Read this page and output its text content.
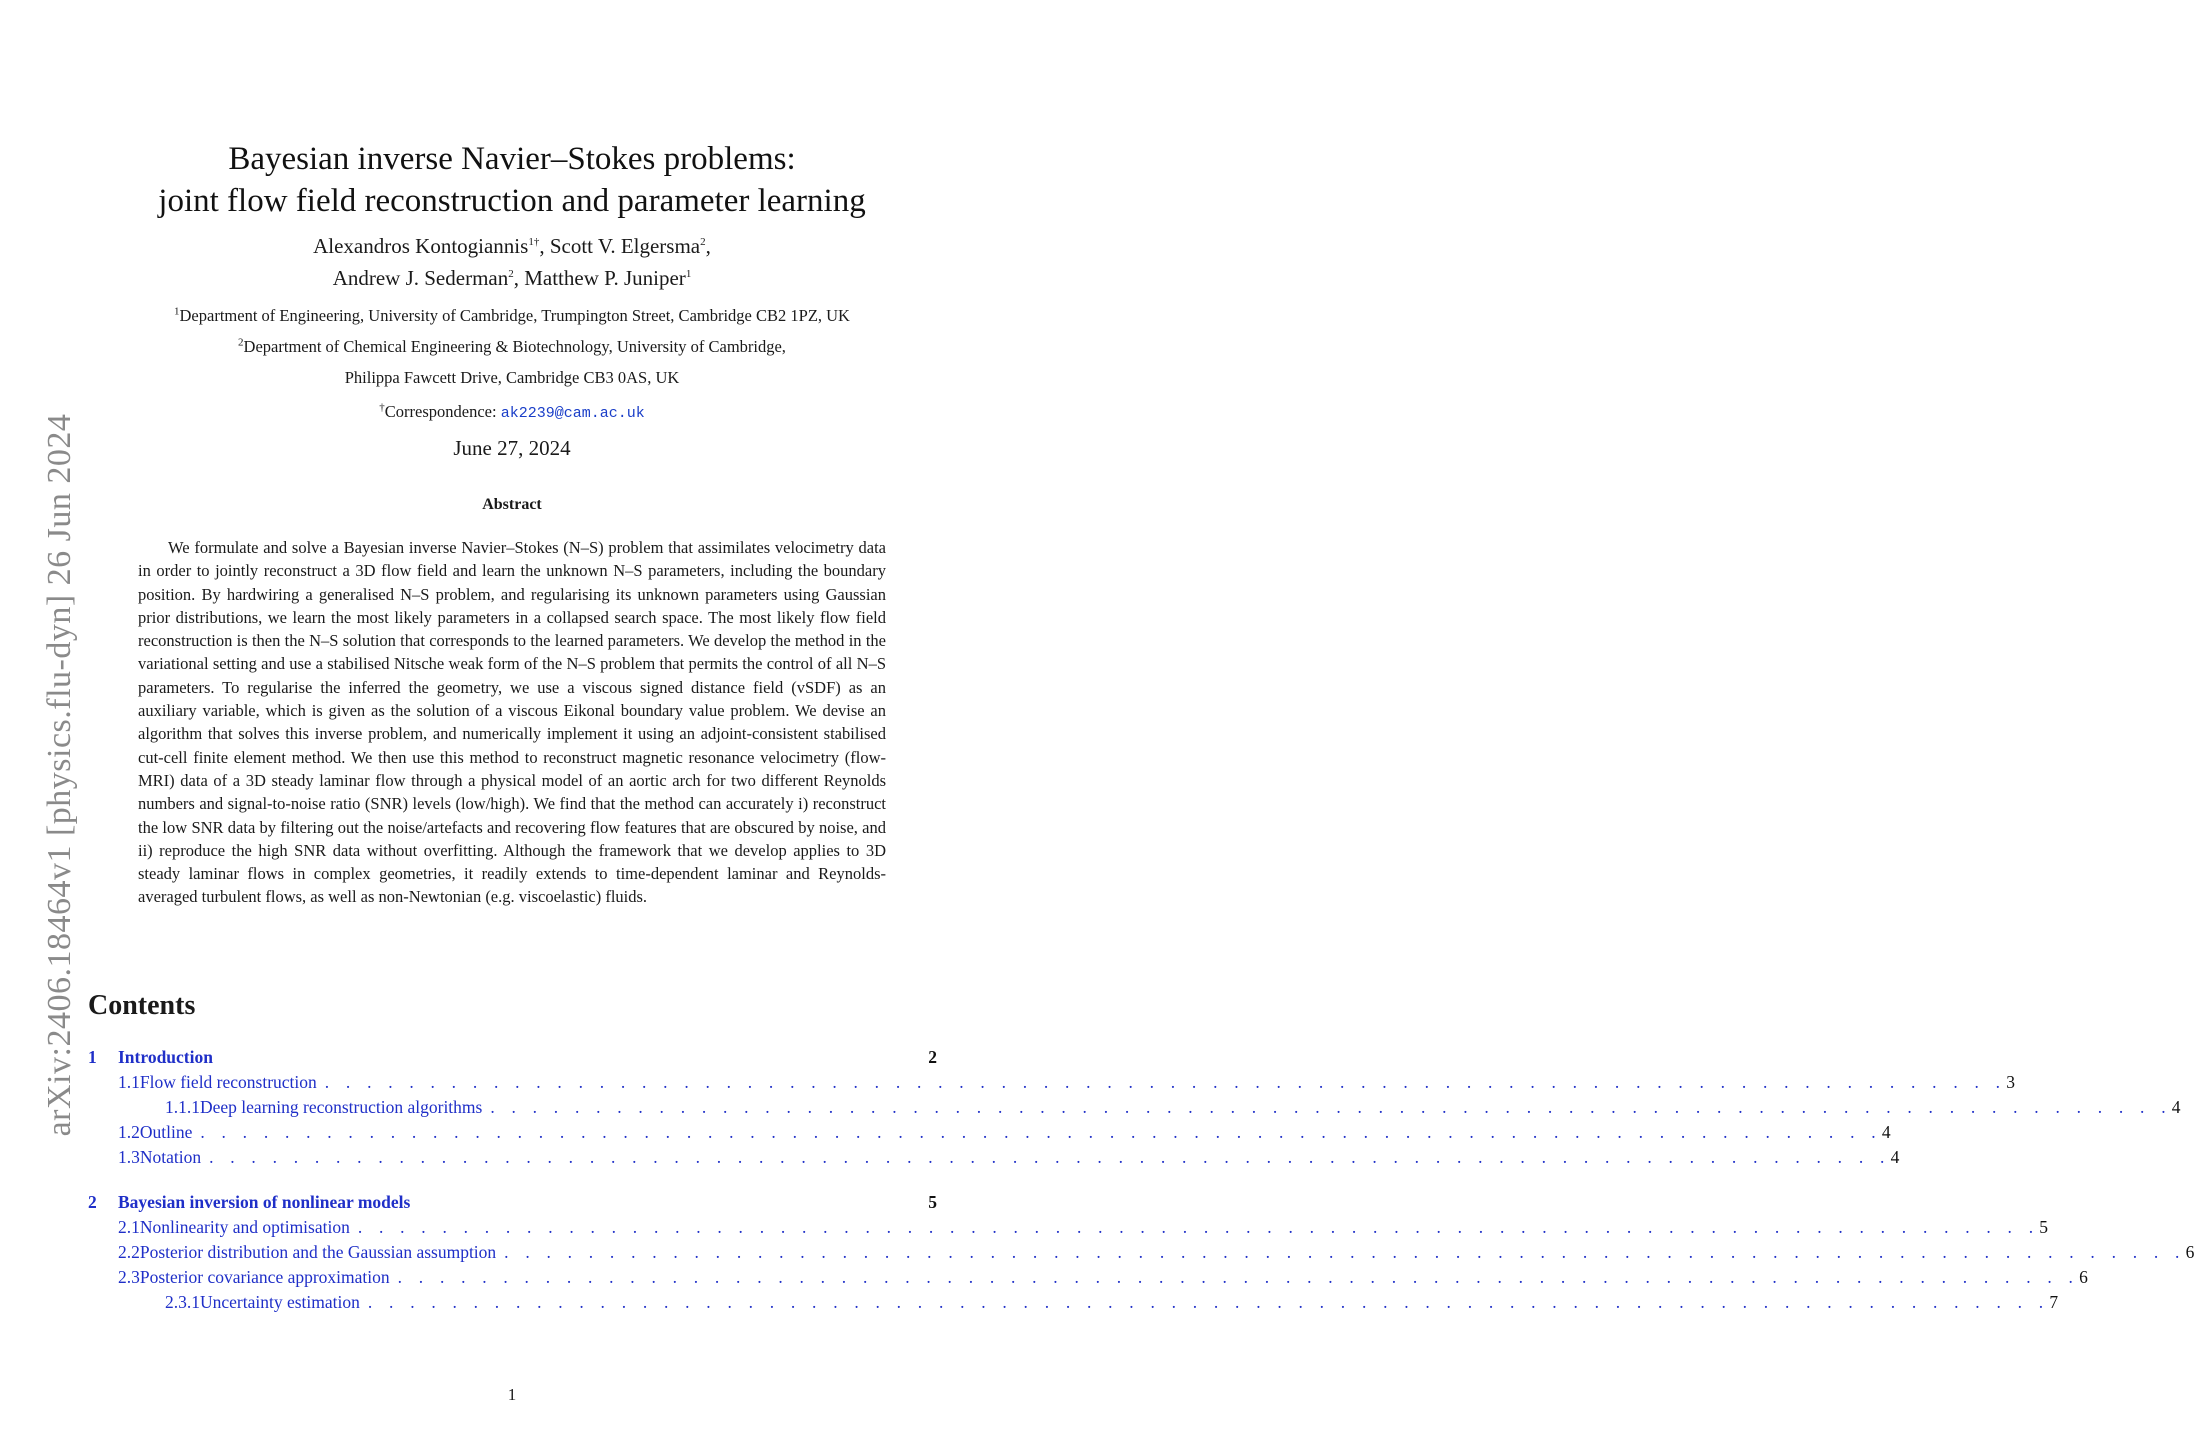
arXiv:2406.18464v1 [physics.flu-dyn] 26 Jun 2024
Bayesian inverse Navier–Stokes problems:
joint flow field reconstruction and parameter learning
Alexandros Kontogiannis$^{1\dagger}$, Scott V. Elgersma$^2$,
Andrew J. Sederman$^2$, Matthew P. Juniper$^1$
$^1$Department of Engineering, University of Cambridge, Trumpington Street, Cambridge CB2 1PZ, UK
$^2$Department of Chemical Engineering & Biotechnology, University of Cambridge,
Philippa Fawcett Drive, Cambridge CB3 0AS, UK
†Correspondence: ak2239@cam.ac.uk
June 27, 2024
Abstract
We formulate and solve a Bayesian inverse Navier–Stokes (N–S) problem that assimilates velocimetry data in order to jointly reconstruct a 3D flow field and learn the unknown N–S parameters, including the boundary position. By hardwiring a generalised N–S problem, and regularising its unknown parameters using Gaussian prior distributions, we learn the most likely parameters in a collapsed search space. The most likely flow field reconstruction is then the N–S solution that corresponds to the learned parameters. We develop the method in the variational setting and use a stabilised Nitsche weak form of the N–S problem that permits the control of all N–S parameters. To regularise the inferred the geometry, we use a viscous signed distance field (vSDF) as an auxiliary variable, which is given as the solution of a viscous Eikonal boundary value problem. We devise an algorithm that solves this inverse problem, and numerically implement it using an adjoint-consistent stabilised cut-cell finite element method. We then use this method to reconstruct magnetic resonance velocimetry (flow-MRI) data of a 3D steady laminar flow through a physical model of an aortic arch for two different Reynolds numbers and signal-to-noise ratio (SNR) levels (low/high). We find that the method can accurately i) reconstruct the low SNR data by filtering out the noise/artefacts and recovering flow features that are obscured by noise, and ii) reproduce the high SNR data without overfitting. Although the framework that we develop applies to 3D steady laminar flows in complex geometries, it readily extends to time-dependent laminar and Reynolds-averaged turbulent flows, as well as non-Newtonian (e.g. viscoelastic) fluids.
Contents
1	Introduction	2
1.1 Flow field reconstruction . . . . . . . . . . . . . . . . . . . . . . . . . . . . . . . . . . . . . . . . . . . . . . . . . . . . . . . . . . . . . . . . . . . . . . . . . . . . . . . . 3
1.1.1 Deep learning reconstruction algorithms . . . . . . . . . . . . . . . . . . . . . . . . . . . . . . . . . . . . . . . . . . . . . . . . . . . . . . . . . . . . . . . . . . . . . . . . . . . . . . . . 4
1.2 Outline . . . . . . . . . . . . . . . . . . . . . . . . . . . . . . . . . . . . . . . . . . . . . . . . . . . . . . . . . . . . . . . . . . . . . . . . . . . . . . . . 4
1.3 Notation . . . . . . . . . . . . . . . . . . . . . . . . . . . . . . . . . . . . . . . . . . . . . . . . . . . . . . . . . . . . . . . . . . . . . . . . . . . . . . . . 4
2	Bayesian inversion of nonlinear models	5
2.1 Nonlinearity and optimisation . . . . . . . . . . . . . . . . . . . . . . . . . . . . . . . . . . . . . . . . . . . . . . . . . . . . . . . . . . . . . . . . . . . . . . . . . . . . . . . . 5
2.2 Posterior distribution and the Gaussian assumption . . . . . . . . . . . . . . . . . . . . . . . . . . . . . . . . . . . . . . . . . . . . . . . . . . . . . . . . . . . . . . . . . . . . . . . . . . . . . . . . 6
2.3 Posterior covariance approximation . . . . . . . . . . . . . . . . . . . . . . . . . . . . . . . . . . . . . . . . . . . . . . . . . . . . . . . . . . . . . . . . . . . . . . . . . . . . . . . . 6
2.3.1 Uncertainty estimation . . . . . . . . . . . . . . . . . . . . . . . . . . . . . . . . . . . . . . . . . . . . . . . . . . . . . . . . . . . . . . . . . . . . . . . . . . . . . . . . 7
1
